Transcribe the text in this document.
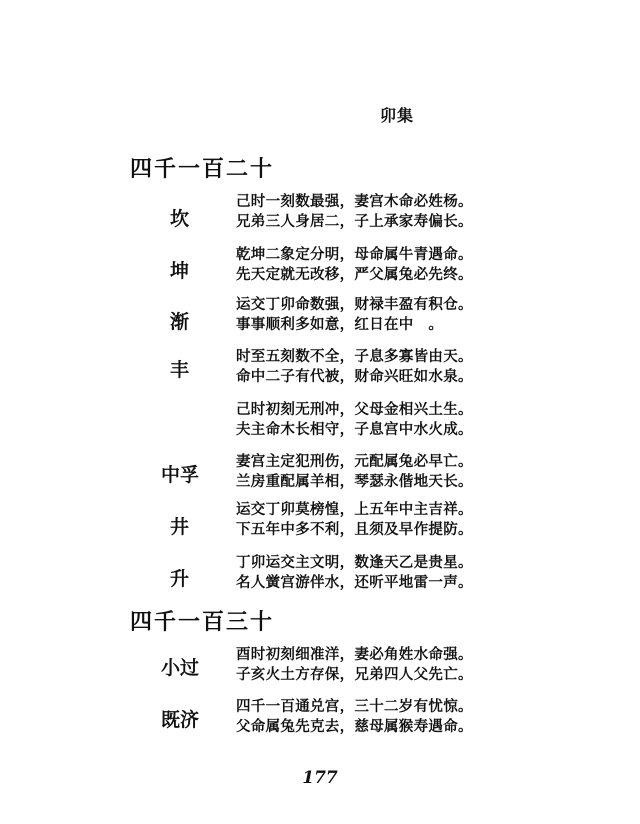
卯集
四千一百二十
坎
己时一刻数最强，妻宫木命必姓杨。
兄弟三人身居二，子上承家寿偏长。
坤
乾坤二象定分明，母命属牛青遇命。
先天定就无改移，严父属兔必先终。
渐
运交丁卯命数强，财禄丰盈有积仓。
事事顺利多如意，红日在中　。
丰
时至五刻数不全，子息多寡皆由天。
命中二子有代被，财命兴旺如水泉。
己时初刻无刑冲，父母金相兴土生。
夫主命木长相守，子息宫中水火成。
中孚
妻宫主定犯刑伤，元配属兔必早亡。
兰房重配属羊相，琴瑟永偕地天长。
井
运交丁卯莫榜惶，上五年中主吉祥。
下五年中多不利，且须及早作提防。
升
丁卯运交主文明，数逢天乙是贵星。
名人黉宫游伴水，还听平地雷一声。
四千一百三十
小过
酉时初刻细准洋，妻必角姓水命强。
子亥火土方存保，兄弟四人父先亡。
既济
四千一百通兑宫，三十二岁有忧惊。
父命属兔先克去，慈母属猴寿遇命。
177
